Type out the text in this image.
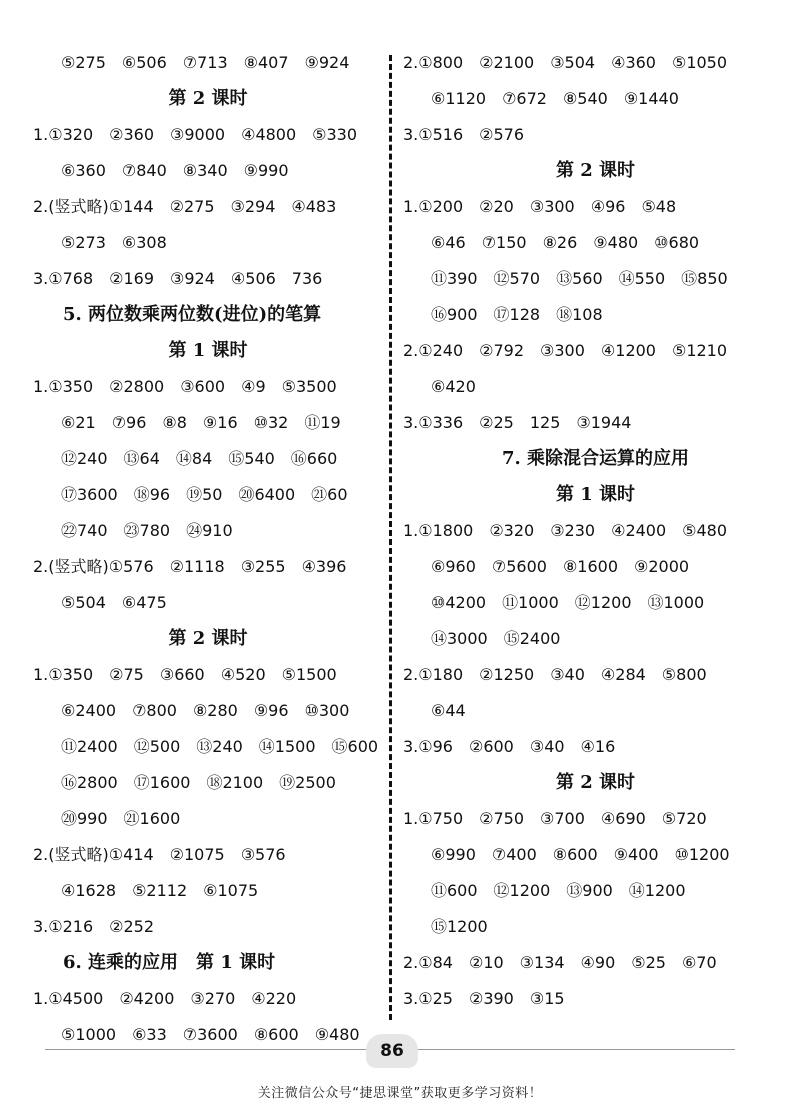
⑤275　⑥506　⑦713　⑧407　⑨924
第 2 课时
1.①320　②360　③9000　④4800　⑤330
⑥360　⑦840　⑧340　⑨990
2.(竖式略)①144　②275　③294　④483
⑤273　⑥308
3.①768　②169　③924　④506　736
5. 两位数乘两位数(进位)的笔算
第 1 课时
1.①350　②2800　③600　④9　⑤3500
⑥21　⑦96　⑧8　⑨16　⑩32　⑪19
⑫240　⑬64　⑭84　⑮540　⑯660
⑰3600　⑱96　⑲50　⑳6400　㉑60
㉒740　㉓780　㉔910
2.(竖式略)①576　②1118　③255　④396
⑤504　⑥475
第 2 课时
1.①350　②75　③660　④520　⑤1500
⑥2400　⑦800　⑧280　⑨96　⑩300
⑪2400　⑫500　⑬240　⑭1500　⑮600
⑯2800　⑰1600　⑱2100　⑲2500
⑳990　㉑1600
2.(竖式略)①414　②1075　③576
④1628　⑤2112　⑥1075
3.①216　②252
6. 连乘的应用　第 1 课时
1.①4500　②4200　③270　④220
⑤1000　⑥33　⑦3600　⑧600　⑨480
2.①800　②2100　③504　④360　⑤1050
⑥1120　⑦672　⑧540　⑨1440
3.①516　②576
第 2 课时
1.①200　②20　③300　④96　⑤48
⑥46　⑦150　⑧26　⑨480　⑩680
⑪390　⑫570　⑬560　⑭550　⑮850
⑯900　⑰128　⑱108
2.①240　②792　③300　④1200　⑤1210
⑥420
3.①336　②25　125　③1944
7. 乘除混合运算的应用
第 1 课时
1.①1800　②320　③230　④2400　⑤480
⑥960　⑦5600　⑧1600　⑨2000
⑩4200　⑪1000　⑫1200　⑬1000
⑭3000　⑮2400
2.①180　②1250　③40　④284　⑤800
⑥44
3.①96　②600　③40　④16
第 2 课时
1.①750　②750　③700　④690　⑤720
⑥990　⑦400　⑧600　⑨400　⑩1200
⑪600　⑫1200　⑬900　⑭1200
⑮1200
2.①84　②10　③134　④90　⑤25　⑥70
3.①25　②390　③15
86
关注微信公众号“捷思课堂”获取更多学习资料！
